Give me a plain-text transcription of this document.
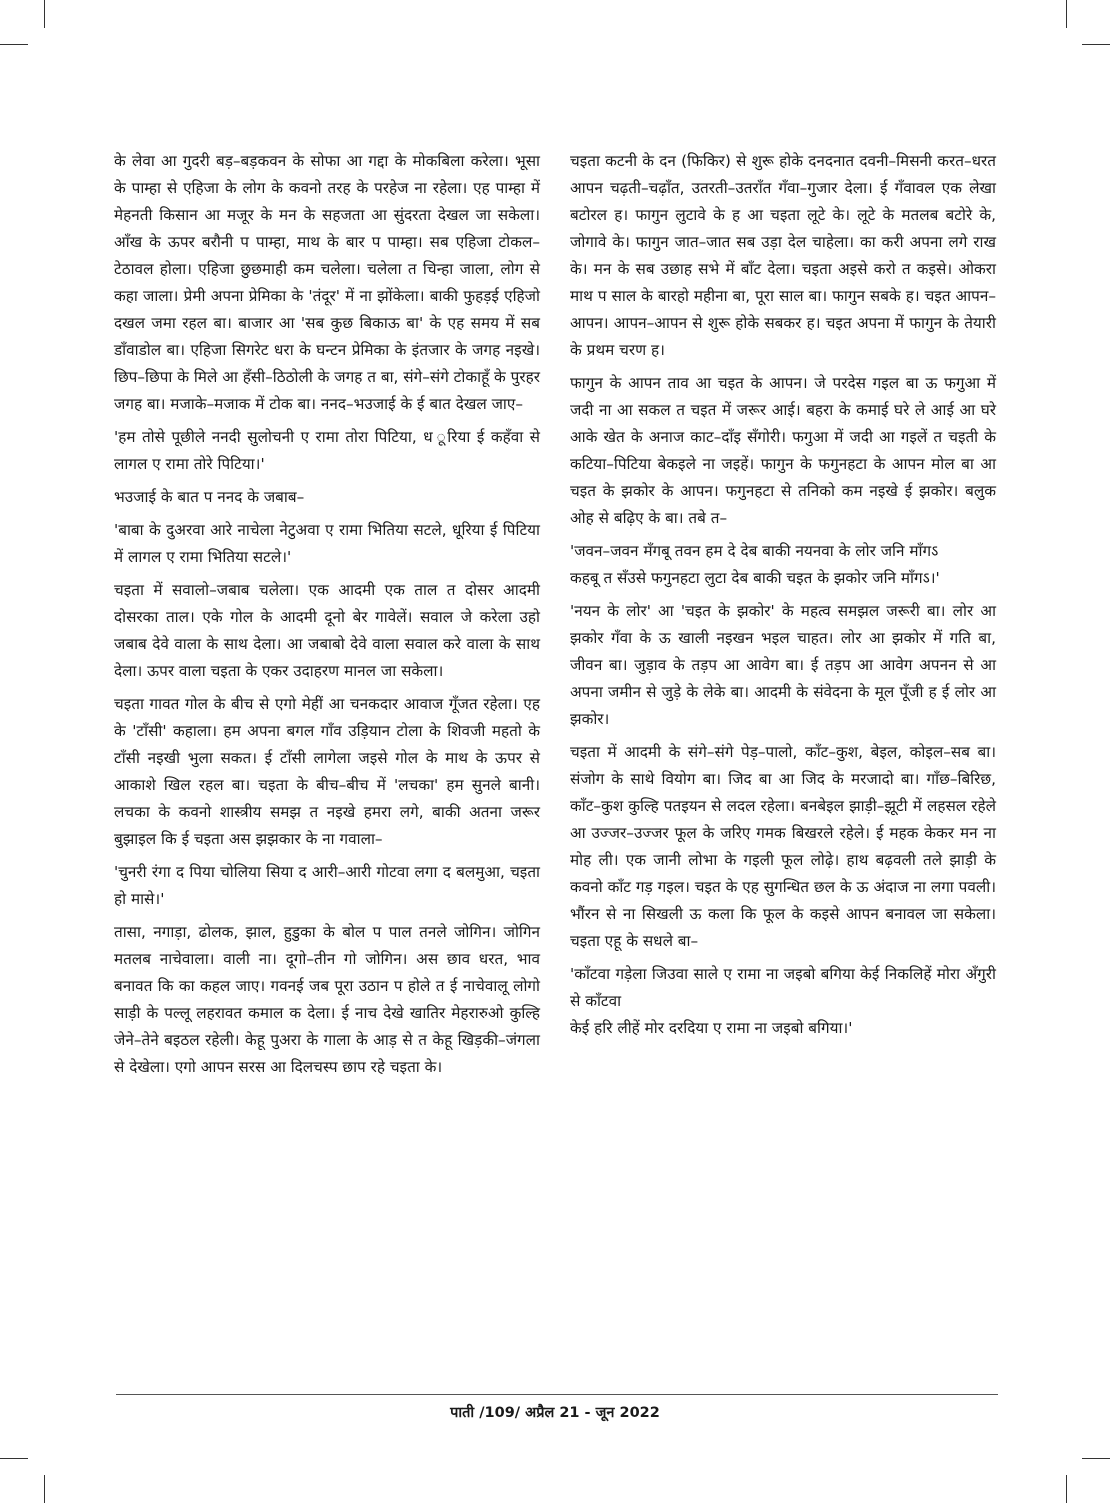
के लेवा आ गुदरी बड़–बड़कवन के सोफा आ गद्दा के मोकबिला करेला। भूसा के पाम्हा से एहिजा के लोग के कवनो तरह के परहेज ना रहेला। एह पाम्हा में मेहनती किसान आ मजूर के मन के सहजता आ सुंदरता देखल जा सकेला। आँख के ऊपर बरौनी प पाम्हा, माथ के बार प पाम्हा। सब एहिजा टोकल–टेठावल होला। एहिजा छुछमाही कम चलेला। चलेला त चिन्हा जाला, लोग से कहा जाला। प्रेमी अपना प्रेमिका के 'तंदूर' में ना झोंकेला। बाकी फुहड़ई एहिजो दखल जमा रहल बा। बाजार आ 'सब कुछ बिकाऊ बा' के एह समय में सब डाँवाडोल बा। एहिजा सिगरेट धरा के घन्टन प्रेमिका के इंतजार के जगह नइखे। छिप–छिपा के मिले आ हँसी–ठिठोली के जगह त बा, संगे–संगे टोकाहूँ के पुरहर जगह बा। मजाके–मजाक में टोक बा। ननद–भउजाई के ई बात देखल जाए–

'हम तोसे पूछीले ननदी सुलोचनी ए रामा तोरा पिटिया, ध ूरिया ई कहँवा से लागल ए रामा तोरे पिटिया।'

भउजाई के बात प ननद के जबाब–

'बाबा के दुअरवा आरे नाचेला नेटुअवा ए रामा भितिया सटले, धूरिया ई पिटिया में लागल ए रामा भितिया सटले।'

चइता में सवालो–जबाब चलेला। एक आदमी एक ताल त दोसर आदमी दोसरका ताल। एके गोल के आदमी दूनो बेर गावेलें। सवाल जे करेला उहो जबाब देवे वाला के साथ देला। आ जबाबो देवे वाला सवाल करे वाला के साथ देला। ऊपर वाला चइता के एकर उदाहरण मानल जा सकेला।

चइता गावत गोल के बीच से एगो मेहीं आ चनकदार आवाज गूँजत रहेला। एह के 'टाँसी' कहाला। हम अपना बगल गाँव उड़ियान टोला के शिवजी महतो के टाँसी नइखी भुला सकत। ई टाँसी लागेला जइसे गोल के माथ के ऊपर से आकाशे खिल रहल बा। चइता के बीच–बीच में 'लचका' हम सुनले बानी। लचका के कवनो शास्त्रीय समझ त नइखे हमरा लगे, बाकी अतना जरूर बुझाइल कि ई चइता अस झझकार के ना गवाला–

'चुनरी रंगा द पिया चोलिया सिया द आरी–आरी गोटवा लगा द बलमुआ, चइता हो मासे।'

तासा, नगाड़ा, ढोलक, झाल, हुडुका के बोल प पाल तनले जोगिन। जोगिन मतलब नाचेवाला। वाली ना। दूगो–तीन गो जोगिन। अस छाव धरत, भाव बनावत कि का कहल जाए। गवनई जब पूरा उठान प होले त ई नाचेवालू लोगो साड़ी के पल्लू लहरावत कमाल क देला। ई नाच देखे खातिर मेहरारुओ कुल्हि जेने–तेने बइठल रहेली। केहू पुअरा के गाला के आड़ से त केहू खिड़की–जंगला से देखेला। एगो आपन सरस आ दिलचस्प छाप रहे चइता के।

चइता कटनी के दन (फिकिर) से शुरू होके दनदनात दवनी–मिसनी करत–धरत आपन चढ़ती–चढ़ाँत, उतरती–उतराँत गँवा–गुजार देला। ई गँवावल एक लेखा बटोरल ह। फागुन लुटावे के ह आ चइता लूटे के। लूटे के मतलब बटोरे के, जोगावे के। फागुन जात–जात सब उड़ा देल चाहेला। का करी अपना लगे राख के। मन के सब उछाह सभे में बाँट देला। चइता अइसे करो त कइसे। ओकरा माथ प साल के बारहो महीना बा, पूरा साल बा। फागुन सबके ह। चइत आपन–आपन। आपन–आपन से शुरू होके सबकर ह। चइत अपना में फागुन के तेयारी के प्रथम चरण ह।

फागुन के आपन ताव आ चइत के आपन। जे परदेस गइल बा ऊ फगुआ में जदी ना आ सकल त चइत में जरूर आई। बहरा के कमाई घरे ले आई आ घरे आके खेत के अनाज काट–दाँइ सँगोरी। फगुआ में जदी आ गइलें त चइती के कटिया–पिटिया बेकइले ना जइहें। फागुन के फगुनहटा के आपन मोल बा आ चइत के झकोर के आपन। फगुनहटा से तनिको कम नइखे ई झकोर। बलुक ओह से बढ़िए के बा। तबे त–

'जवन–जवन मँगबू तवन हम दे देब बाकी नयनवा के लोर जनि माँगऽ

कहबू त सँउसे फगुनहटा लुटा देब बाकी चइत के झकोर जनि माँगऽ।'

'नयन के लोर' आ 'चइत के झकोर' के महत्व समझल जरूरी बा। लोर आ झकोर गँवा के ऊ खाली नइखन भइल चाहत। लोर आ झकोर में गति बा, जीवन बा। जुड़ाव के तड़प आ आवेग बा। ई तड़प आ आवेग अपनन से आ अपना जमीन से जुड़े के लेके बा। आदमी के संवेदना के मूल पूँजी ह ई लोर आ झकोर।

चइता में आदमी के संगे–संगे पेड़–पालो, काँट–कुश, बेइल, कोइल–सब बा। संजोग के साथे वियोग बा। जिद बा आ जिद के मरजादो बा। गाँछ–बिरिछ, काँट–कुश कुल्हि पतइयन से लदल रहेला। बनबेइल झाड़ी–झूटी में लहसल रहेले आ उज्जर–उज्जर फूल के जरिए गमक बिखरले रहेले। ई महक केकर मन ना मोह ली। एक जानी लोभा के गइली फूल लोढ़े। हाथ बढ़वली तले झाड़ी के कवनो काँट गड़ गइल। चइत के एह सुगन्धित छल के ऊ अंदाज ना लगा पवली। भौंरन से ना सिखली ऊ कला कि फूल के कइसे आपन बनावल जा सकेला। चइता एहू के सधले बा–

'काँटवा गड़ेला जिउवा साले ए रामा ना जइबो बगिया केई निकलिहें मोरा अँगुरी से काँटवा

केई हरि लीहें मोर दरदिया ए रामा ना जइबो बगिया।'

पाती /109/ अप्रैल 21 - जून 2022
